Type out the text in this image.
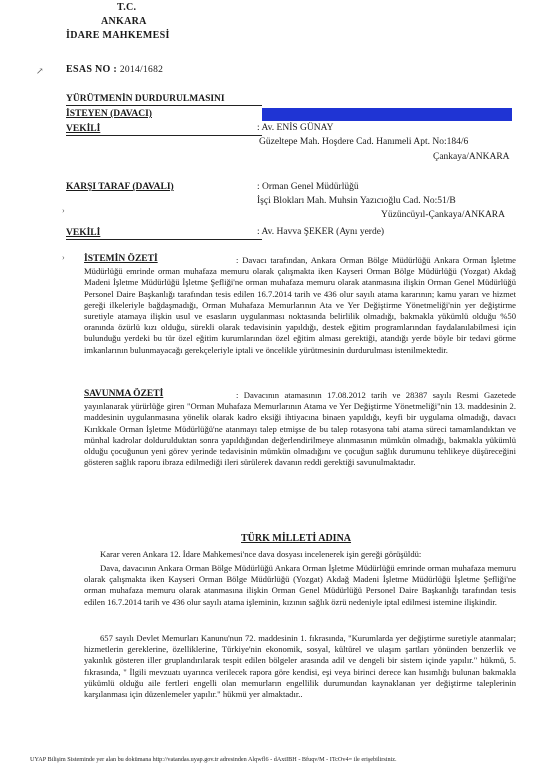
T.C.
ANKARA
İDARE MAHKEMESİ
ESAS NO : 2014/1682
↗
YÜRÜTMENİN DURDURULMASINI
İSTEYEN (DAVACI)
VEKİLİ	: Av. ENİS GÜNAY
Güzeltepe Mah. Hoşdere Cad. Hanımeli Apt. No:184/6
Çankaya/ANKARA
KARŞI TARAF (DAVALI)	: Orman Genel Müdürlüğü
İşçi Blokları Mah. Muhsin Yazıcıoğlu Cad. No:51/B
Yüzüncüyıl-Çankaya/ANKARA
›
VEKİLİ	: Av. Havva ŞEKER (Aynı yerde)
İSTEMİN ÖZETİ	: Davacı tarafından, Ankara Orman Bölge Müdürlüğü Ankara Orman İşletme Müdürlüğü emrinde orman muhafaza memuru olarak çalışmakta iken Kayseri Orman Bölge Müdürlüğü (Yozgat) Akdağ Madeni İşletme Müdürlüğü İşletme Şefliği'ne orman muhafaza memuru olarak atanmasına ilişkin Orman Genel Müdürlüğü Personel Daire Başkanlığı tarafından tesis edilen 16.7.2014 tarih ve 436 olur sayılı atama kararının; kamu yararı ve hizmet gereği ilkeleriyle bağdaşmadığı, Orman Muhafaza Memurlarının Ata ve Yer Değiştirme Yönetmeliği'nin yer değiştirme suretiyle atamaya ilişkin usul ve esasların uygulanması noktasında belirlilik olmadığı, bakmakla yükümlü olduğu %50 oranında özürlü kızı olduğu, sürekli olarak tedavisinin yapıldığı, destek eğitim programlarından faydalanılabilmesi için bulunduğu yerdeki bu tür özel eğitim kurumlarından özel eğitim alması gerektiği, atandığı yerde böyle bir tedavi görme imkanlarının bulunmayacağı gerekçeleriyle iptali ve öncelikle yürütmesinin durdurulması istenilmektedir.
›
SAVUNMA ÖZETİ	: Davacının atamasının 17.08.2012 tarih ve 28387 sayılı Resmi Gazetede yayınlanarak yürürlüğe giren "Orman Muhafaza Memurlarının Atama ve Yer Değiştirme Yönetmeliği"nin 13. maddesinin 2. maddesinin uygulanmasına yönelik olarak kadro eksiği ihtiyacına binaen yapıldığı, keyfi bir uygulama olmadığı, davacı Kırıkkale Orman İşletme Müdürlüğü'ne atanmayı talep etmişse de bu talep rotasyona tabi atama süreci tamamlandıktan ve münhal kadrolar doldurulduktan sonra yapıldığından değerlendirilmeye alınmasının mümkün olmadığı, bakmakla yükümlü olduğu çocuğunun yeni görev yerinde tedavisinin mümkün olmadığını ve çocuğun sağlık durumunu tehlikeye düşüreceğini gösteren sağlık raporu ibraza edilmediği ileri sürülerek davanın reddi gerektiği savunulmaktadır.
TÜRK MİLLETİ ADINA
Karar veren Ankara 12. İdare Mahkemesi'nce dava dosyası incelenerek işin gereği görüşüldü:
Dava, davacının Ankara Orman Bölge Müdürlüğü Ankara Orman İşletme Müdürlüğü emrinde orman muhafaza memuru olarak çalışmakta iken Kayseri Orman Bölge Müdürlüğü (Yozgat) Akdağ Madeni İşletme Müdürlüğü İşletme Şefliği'ne orman muhafaza memuru olarak atanmasına ilişkin Orman Genel Müdürlüğü Personel Daire Başkanlığı tarafından tesis edilen 16.7.2014 tarih ve 436 olur sayılı atama işleminin, kızının sağlık özrü nedeniyle iptal edilmesi istemine ilişkindir.
657 sayılı Devlet Memurları Kanunu'nun 72. maddesinin 1. fıkrasında, "Kurumlarda yer değiştirme suretiyle atanmalar; hizmetlerin gereklerine, özelliklerine, Türkiye'nin ekonomik, sosyal, kültürel ve ulaşım şartları yönünden benzerlik ve yakınlık gösteren iller gruplandırılarak tespit edilen bölgeler arasında adil ve dengeli bir sistem içinde yapılır." hükmü, 5. fıkrasında, " İlgili mevzuatı uyarınca verilecek rapora göre kendisi, eşi veya birinci derece kan hısımlığı bulunan bakmakla yükümlü olduğu aile fertleri engelli olan memurların engellilik durumundan kaynaklanan yer değiştirme taleplerinin karşılanması için düzenlemeler yapılır." hükmü yer almaktadır..
UYAP Bilişim Sisteminde yer alan bu dokümana http://vatandas.uyap.gov.tr adresinden Alqwfl6 - dAxtIBH - Bfuqv/M - ITcOv4= ile erişebilirsiniz.
